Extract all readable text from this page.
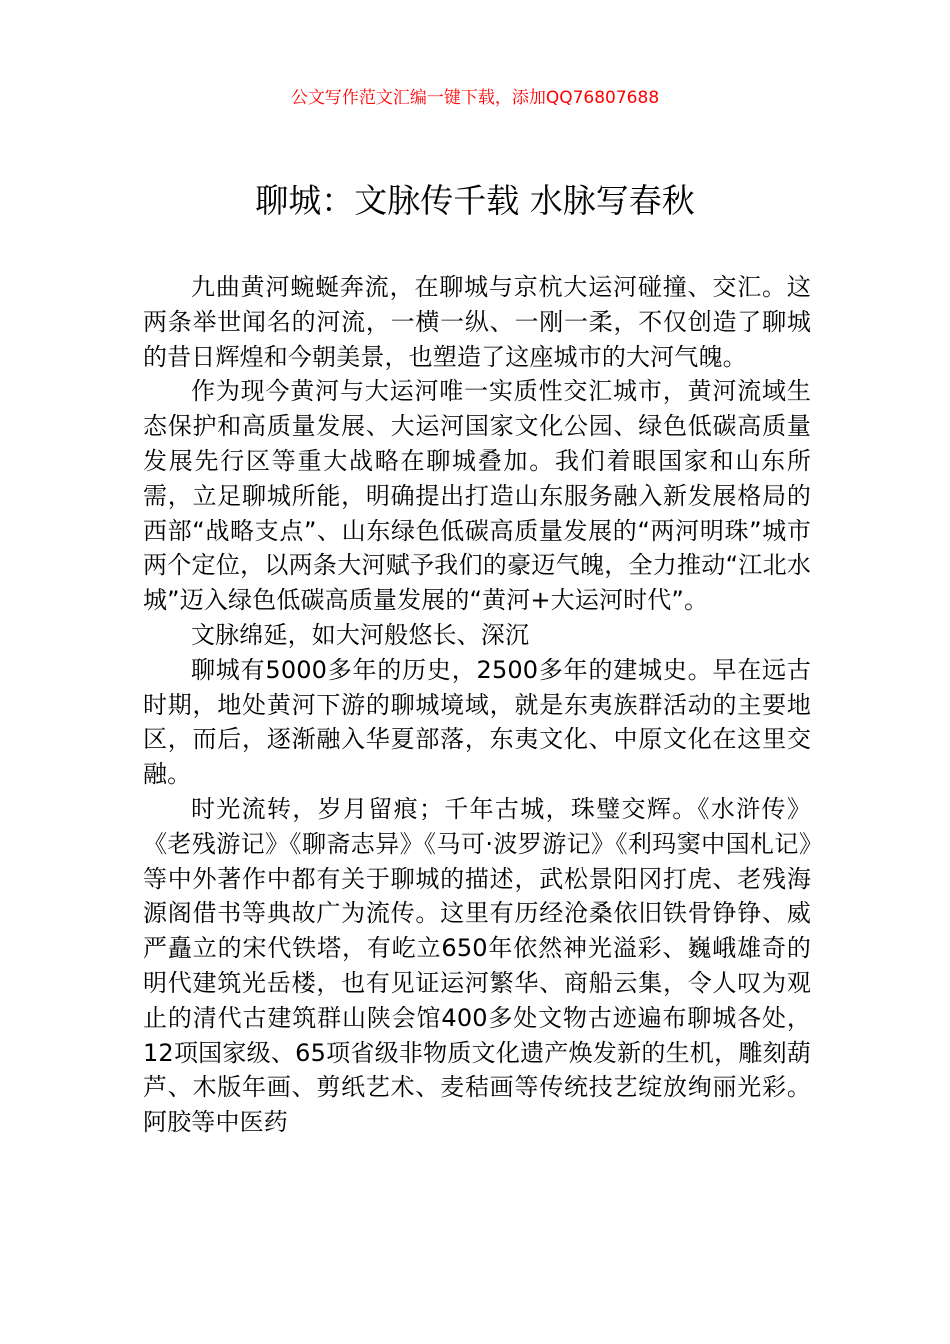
公文写作范文汇编一键下载，添加QQ76807688
聊城：文脉传千载 水脉写春秋

九曲黄河蜿蜒奔流，在聊城与京杭大运河碰撞、交汇。这两条举世闻名的河流，一横一纵、一刚一柔，不仅创造了聊城的昔日辉煌和今朝美景，也塑造了这座城市的大河气魄。

作为现今黄河与大运河唯一实质性交汇城市，黄河流域生态保护和高质量发展、大运河国家文化公园、绿色低碳高质量发展先行区等重大战略在聊城叠加。我们着眼国家和山东所需，立足聊城所能，明确提出打造山东服务融入新发展格局的西部“战略支点”、山东绿色低碳高质量发展的“两河明珠”城市两个定位，以两条大河赋予我们的豪迈气魄，全力推动“江北水城”迈入绿色低碳高质量发展的“黄河+大运河时代”。

文脉绵延，如大河般悠长、深沉

聊城有5000多年的历史，2500多年的建城史。早在远古时期，地处黄河下游的聊城境域，就是东夷族群活动的主要地区，而后，逐渐融入华夏部落，东夷文化、中原文化在这里交融。

时光流转，岁月留痕；千年古城，珠璧交辉。《水浒传》《老残游记》《聊斋志异》《马可·波罗游记》《利玛窦中国札记》等中外著作中都有关于聊城的描述，武松景阳冈打虎、老残海源阁借书等典故广为流传。这里有历经沧桑依旧铁骨铮铮、威严矗立的宋代铁塔，有屹立650年依然神光溢彩、巍峨雄奇的明代建筑光岳楼，也有见证运河繁华、商船云集，令人叹为观止的清代古建筑群山陕会馆400多处文物古迹遍布聊城各处，12项国家级、65项省级非物质文化遗产焕发新的生机，雕刻葫芦、木版年画、剪纸艺术、麦秸画等传统技艺绽放绚丽光彩。阿胶等中医药
